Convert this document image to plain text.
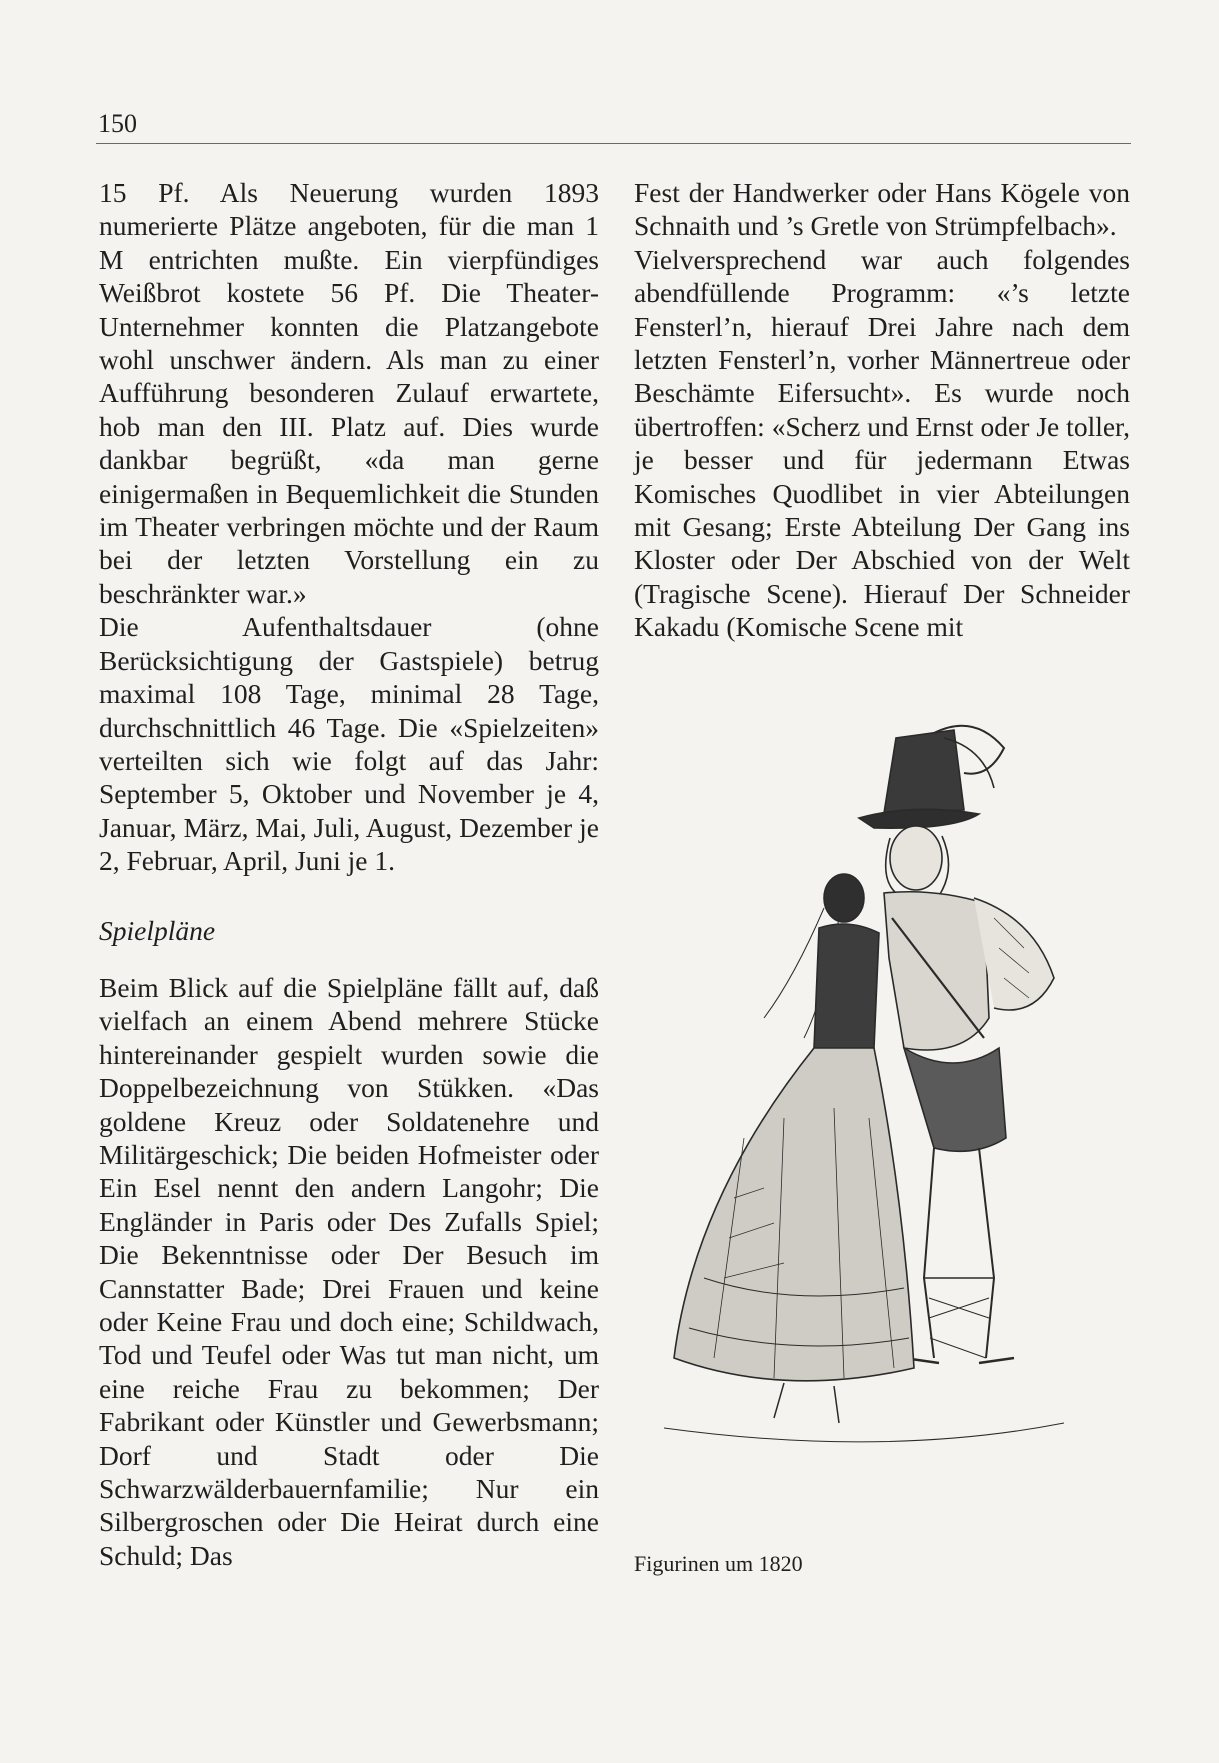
150

15 Pf. Als Neuerung wurden 1893 numerierte Plätze angeboten, für die man 1 M entrichten mußte. Ein vierpfündiges Weißbrot kostete 56 Pf. Die Theater-Unternehmer konnten die Platzangebote wohl unschwer ändern. Als man zu einer Aufführung besonderen Zulauf erwartete, hob man den III. Platz auf. Dies wurde dankbar begrüßt, «da man gerne einigermaßen in Bequemlichkeit die Stunden im Theater verbringen möchte und der Raum bei der letzten Vorstellung ein zu beschränkter war.»

Die Aufenthaltsdauer (ohne Berücksichtigung der Gastspiele) betrug maximal 108 Tage, minimal 28 Tage, durchschnittlich 46 Tage. Die «Spielzeiten» verteilten sich wie folgt auf das Jahr: September 5, Oktober und November je 4, Januar, März, Mai, Juli, August, Dezember je 2, Februar, April, Juni je 1.

Spielpläne

Beim Blick auf die Spielpläne fällt auf, daß vielfach an einem Abend mehrere Stücke hintereinander gespielt wurden sowie die Doppelbezeichnung von Stükken. «Das goldene Kreuz oder Soldatenehre und Militärgeschick; Die beiden Hofmeister oder Ein Esel nennt den andern Langohr; Die Engländer in Paris oder Des Zufalls Spiel; Die Bekenntnisse oder Der Besuch im Cannstatter Bade; Drei Frauen und keine oder Keine Frau und doch eine; Schildwach, Tod und Teufel oder Was tut man nicht, um eine reiche Frau zu bekommen; Der Fabrikant oder Künstler und Gewerbsmann; Dorf und Stadt oder Die Schwarzwälderbauernfamilie; Nur ein Silbergroschen oder Die Heirat durch eine Schuld; Das

Fest der Handwerker oder Hans Kögele von Schnaith und ’s Gretle von Strümpfelbach».

Vielversprechend war auch folgendes abendfüllende Programm: «’s letzte Fensterl’n, hierauf Drei Jahre nach dem letzten Fensterl’n, vorher Männertreue oder Beschämte Eifersucht». Es wurde noch übertroffen: «Scherz und Ernst oder Je toller, je besser und für jedermann Etwas Komisches Quodlibet in vier Abteilungen mit Gesang; Erste Abteilung Der Gang ins Kloster oder Der Abschied von der Welt (Tragische Scene). Hierauf Der Schneider Kakadu (Komische Scene mit

Figurinen um 1820
